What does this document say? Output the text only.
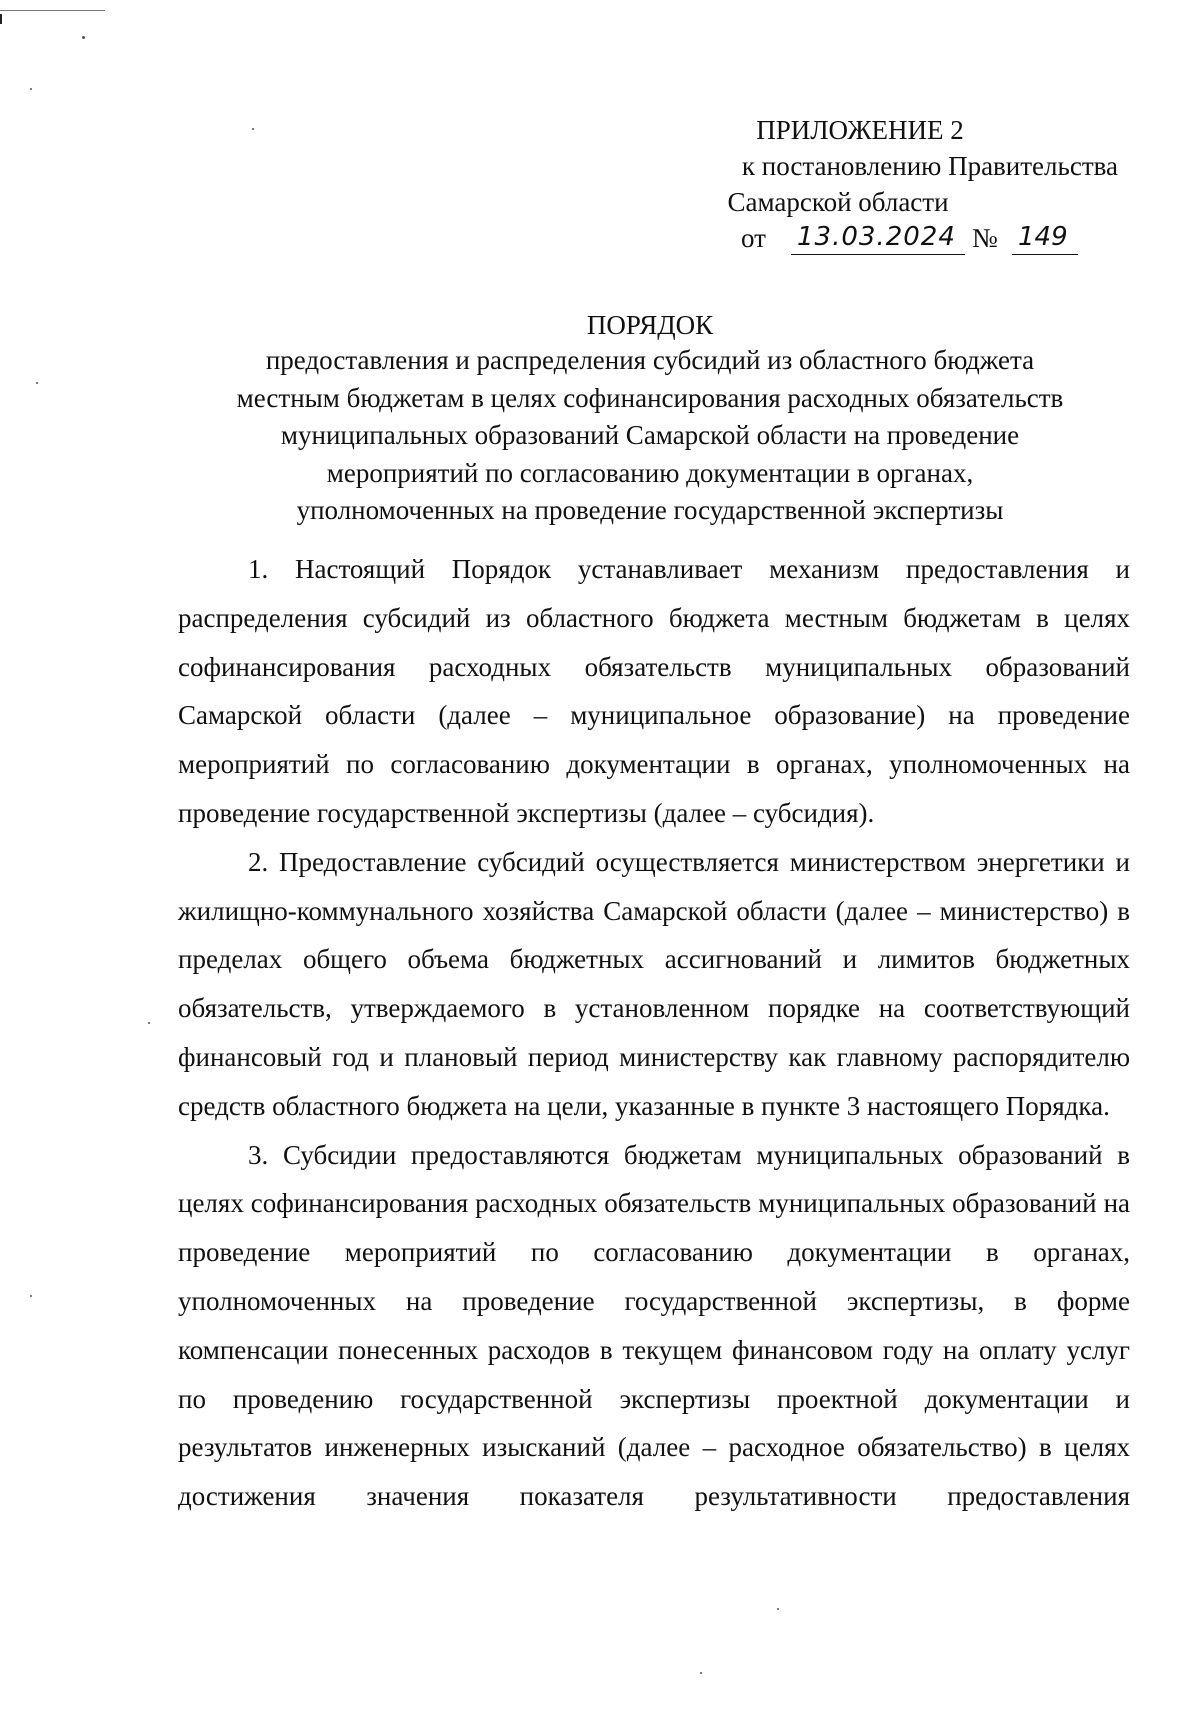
ПРИЛОЖЕНИЕ 2
к постановлению Правительства
Самарской области
от 13.03.2024 № 149
ПОРЯДОК
предоставления и распределения субсидий из областного бюджета
местным бюджетам в целях софинансирования расходных обязательств
муниципальных образований Самарской области на проведение
мероприятий по согласованию документации в органах,
уполномоченных на проведение государственной экспертизы

1. Настоящий Порядок устанавливает механизм предоставления и распределения субсидий из областного бюджета местным бюджетам в целях софинансирования расходных обязательств муниципальных образований Самарской области (далее – муниципальное образование) на проведение мероприятий по согласованию документации в органах, уполномоченных на проведение государственной экспертизы (далее – субсидия).

2. Предоставление субсидий осуществляется министерством энергетики и жилищно-коммунального хозяйства Самарской области (далее – министерство) в пределах общего объема бюджетных ассигнований и лимитов бюджетных обязательств, утверждаемого в установленном порядке на соответствующий финансовый год и плановый период министерству как главному распорядителю средств областного бюджета на цели, указанные в пункте 3 настоящего Порядка.

3. Субсидии предоставляются бюджетам муниципальных образований в целях софинансирования расходных обязательств муниципальных образований на проведение мероприятий по согласованию документации в органах, уполномоченных на проведение государственной экспертизы, в форме компенсации понесенных расходов в текущем финансовом году на оплату услуг по проведению государственной экспертизы проектной документации и результатов инженерных изысканий (далее – расходное обязательство) в целях достижения значения показателя результативности предоставления
